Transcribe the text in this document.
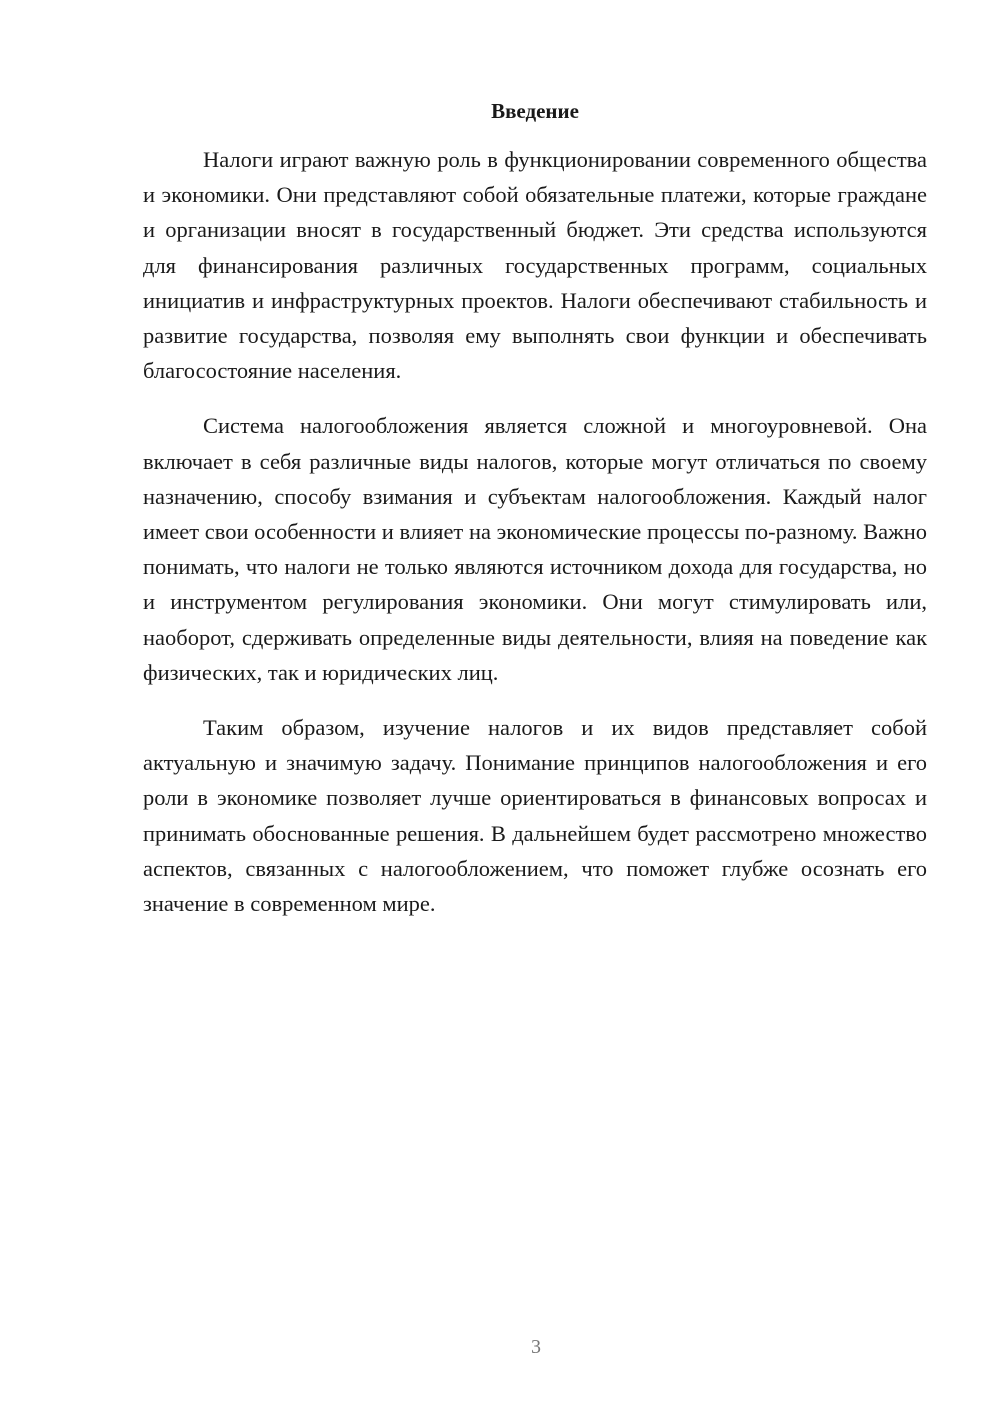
Введение

Налоги играют важную роль в функционировании современного общества и экономики. Они представляют собой обязательные платежи, которые граждане и организации вносят в государственный бюджет. Эти средства используются для финансирования различных государственных программ, социальных инициатив и инфраструктурных проектов. Налоги обеспечивают стабильность и развитие государства, позволяя ему выполнять свои функции и обеспечивать благосостояние населения.

Система налогообложения является сложной и многоуровневой. Она включает в себя различные виды налогов, которые могут отличаться по своему назначению, способу взимания и субъектам налогообложения. Каждый налог имеет свои особенности и влияет на экономические процессы по-разному. Важно понимать, что налоги не только являются источником дохода для государства, но и инструментом регулирования экономики. Они могут стимулировать или, наоборот, сдерживать определенные виды деятельности, влияя на поведение как физических, так и юридических лиц.

Таким образом, изучение налогов и их видов представляет собой актуальную и значимую задачу. Понимание принципов налогообложения и его роли в экономике позволяет лучше ориентироваться в финансовых вопросах и принимать обоснованные решения. В дальнейшем будет рассмотрено множество аспектов, связанных с налогообложением, что поможет глубже осознать его значение в современном мире.

3
